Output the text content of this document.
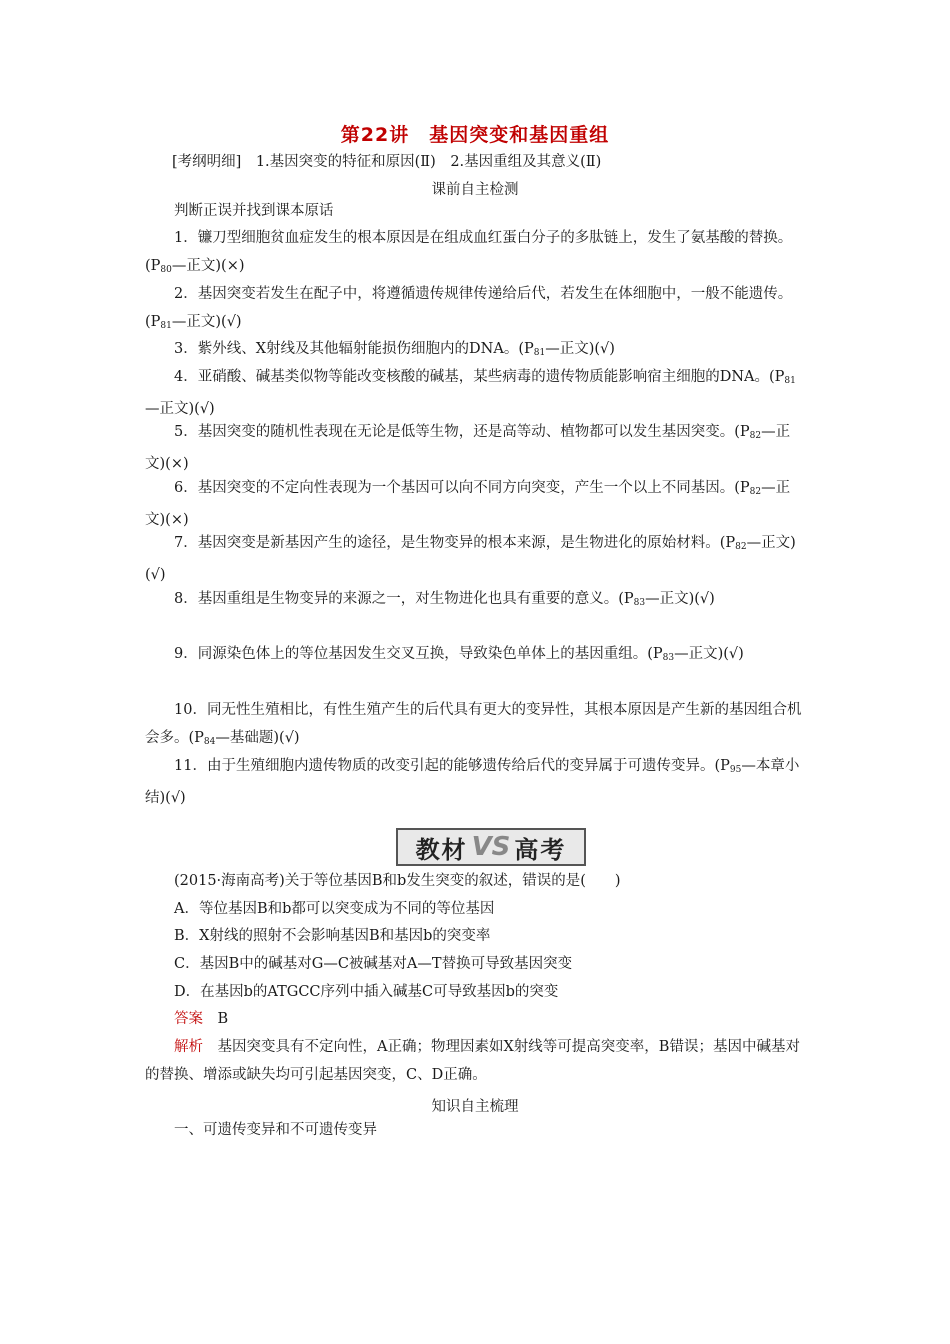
第22讲　基因突变和基因重组
[考纲明细]　1.基因突变的特征和原因(Ⅱ)　2.基因重组及其意义(Ⅱ)
课前自主检测
判断正误并找到课本原话
1．镰刀型细胞贫血症发生的根本原因是在组成血红蛋白分子的多肽链上，发生了氨基酸的替换。($P_{80}—$正文)(×)
2．基因突变若发生在配子中，将遵循遗传规律传递给后代，若发生在体细胞中，一般不能遗传。($P_{81}—$正文)(√)
3．紫外线、X射线及其他辐射能损伤细胞内的DNA。($P_{81}—$正文)(√)
4．亚硝酸、碱基类似物等能改变核酸的碱基，某些病毒的遗传物质能影响宿主细胞的DNA。($P_{81}—$正文)(√)
5．基因突变的随机性表现在无论是低等生物，还是高等动、植物都可以发生基因突变。($P_{82}—$正文)(×)
6．基因突变的不定向性表现为一个基因可以向不同方向突变，产生一个以上不同基因。($P_{82}—$正文)(×)
7．基因突变是新基因产生的途径，是生物变异的根本来源，是生物进化的原始材料。($P_{82}—$正文)(√)
8．基因重组是生物变异的来源之一，对生物进化也具有重要的意义。($P_{83}—$正文)(√)
9．同源染色体上的等位基因发生交叉互换，导致染色单体上的基因重组。($P_{83}—$正文)(√)
10．同无性生殖相比，有性生殖产生的后代具有更大的变异性，其根本原因是产生新的基因组合机会多。($P_{84}—$基础题)(√)
11．由于生殖细胞内遗传物质的改变引起的能够遗传给后代的变异属于可遗传变异。($P_{95}—$本章小结)(√)
教材 VS 高考
(2015·海南高考)关于等位基因B和b发生突变的叙述，错误的是(　　)
A．等位基因B和b都可以突变成为不同的等位基因
B．X射线的照射不会影响基因B和基因b的突变率
C．基因B中的碱基对G—C被碱基对A—T替换可导致基因突变
D．在基因b的ATGCC序列中插入碱基C可导致基因b的突变
答案　 B
解析　 基因突变具有不定向性，A正确；物理因素如X射线等可提高突变率，B错误；基因中碱基对的替换、增添或缺失均可引起基因突变，C、D正确。
知识自主梳理
一、可遗传变异和不可遗传变异
